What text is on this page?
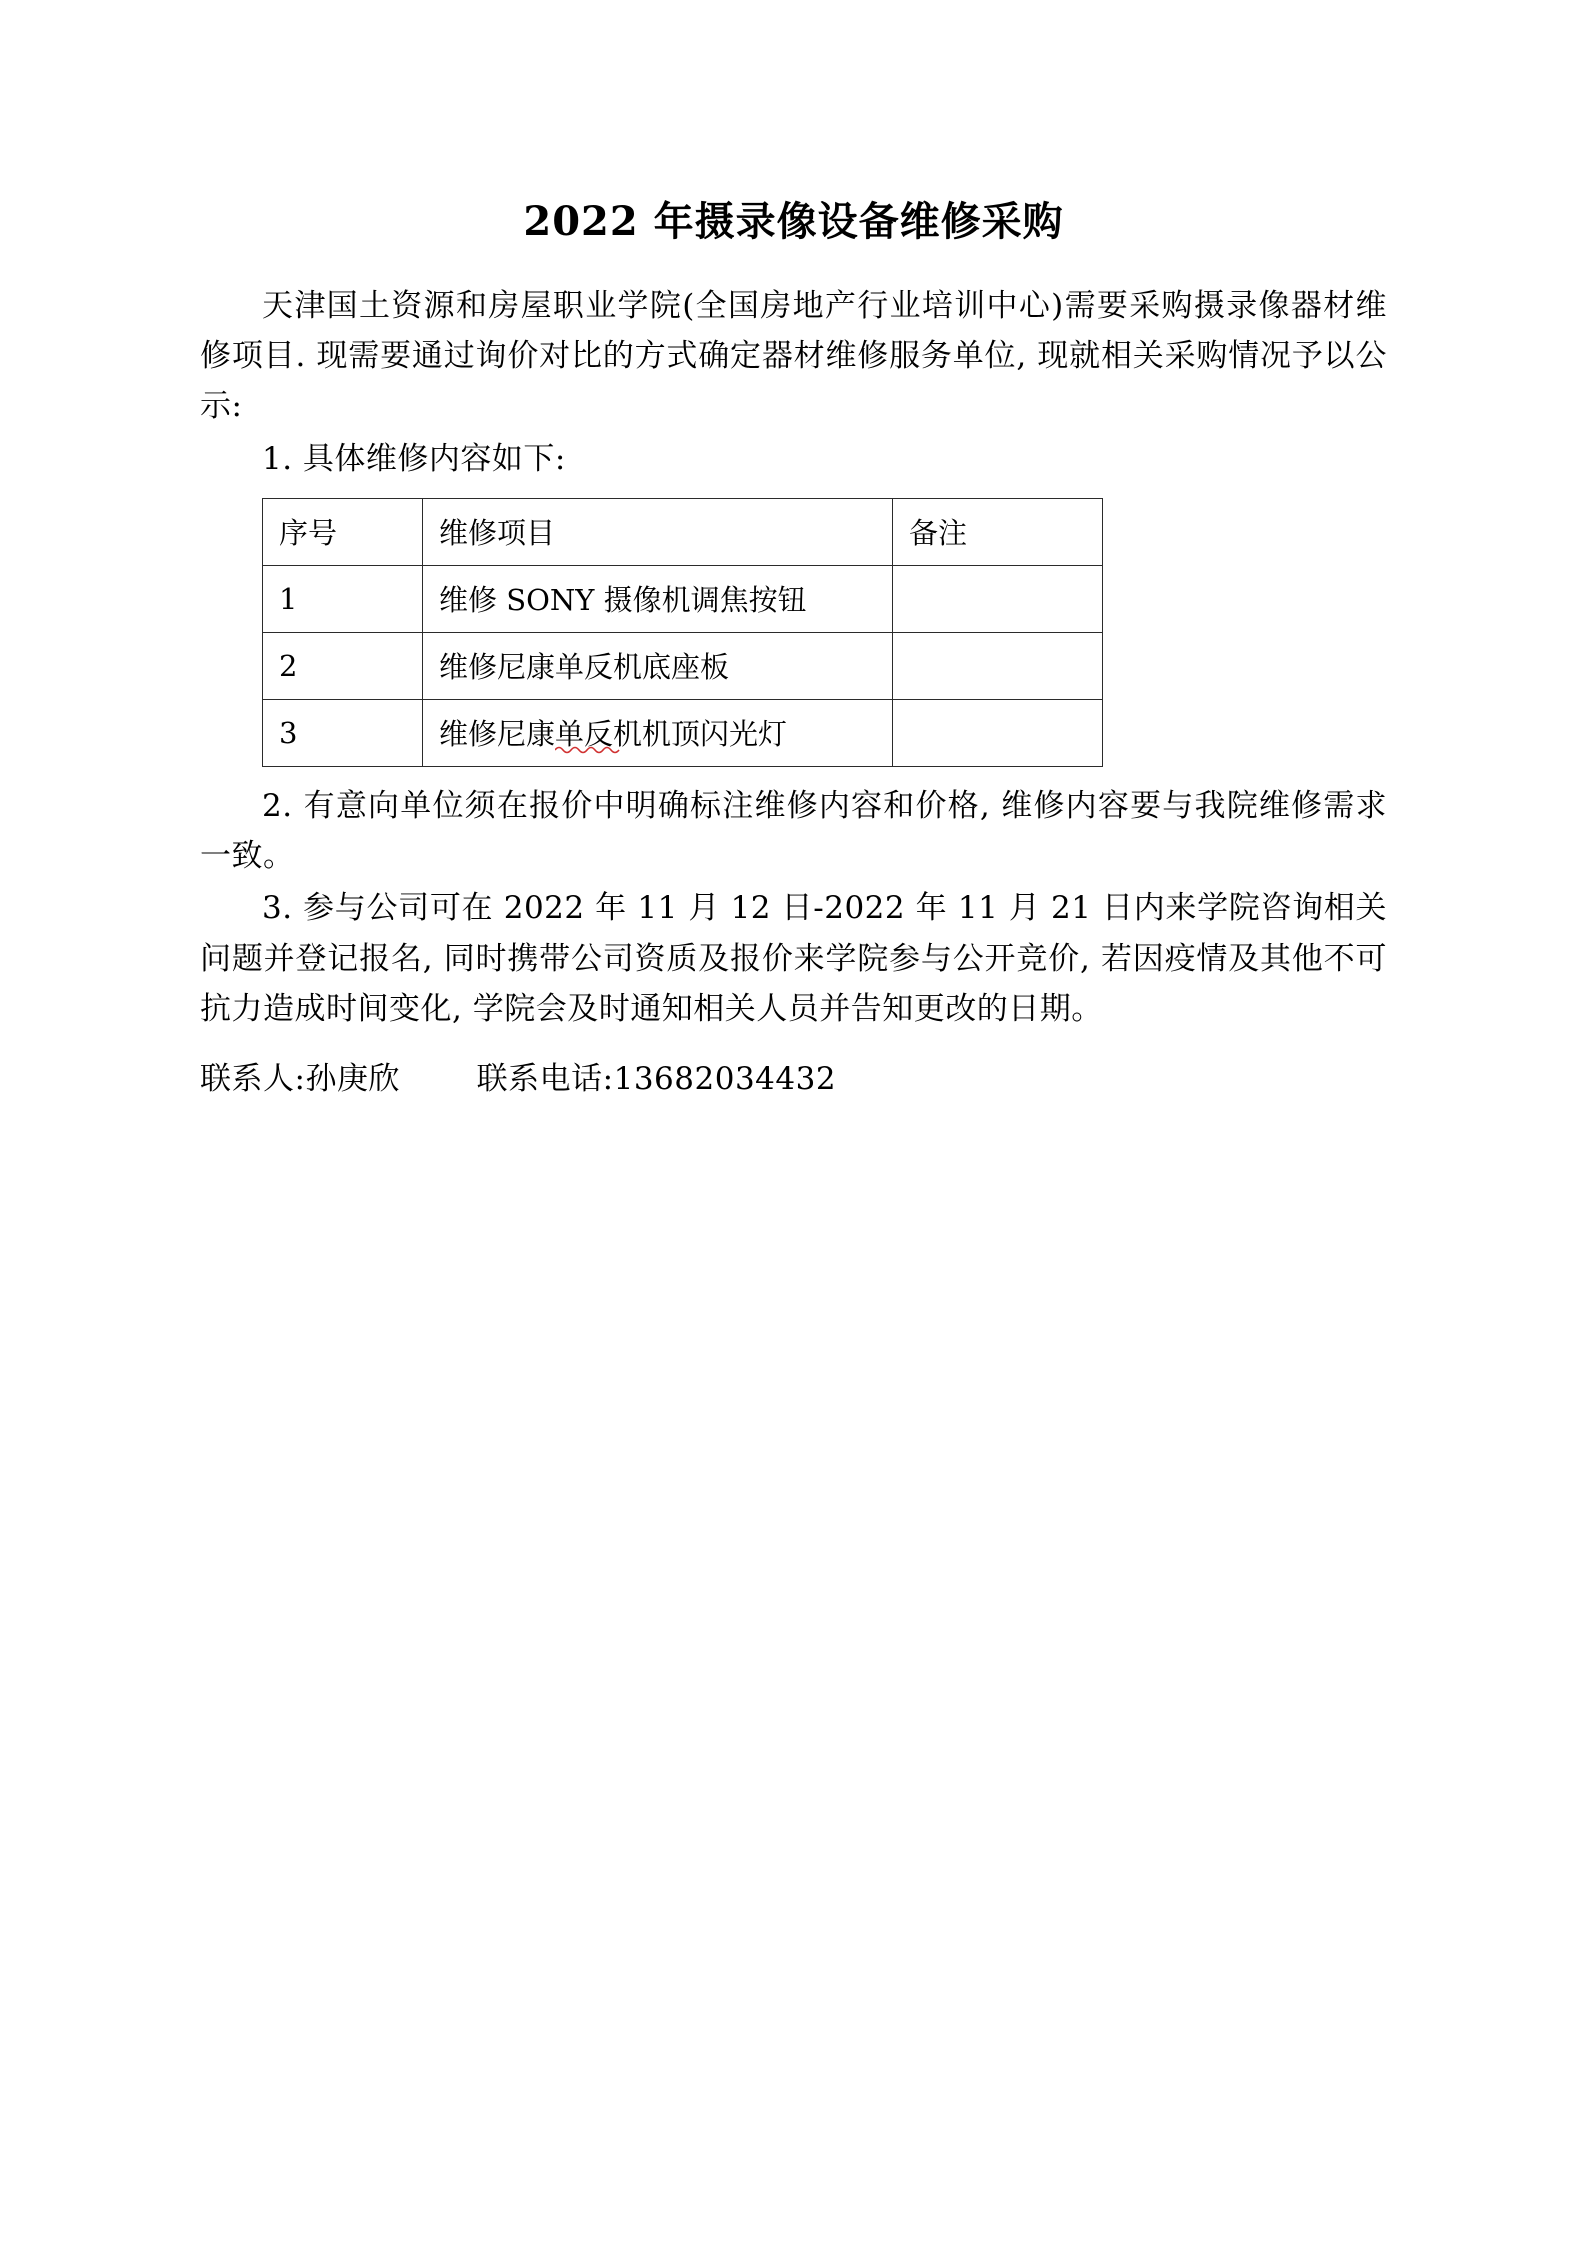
2022 年摄录像设备维修采购

天津国土资源和房屋职业学院(全国房地产行业培训中心)需要采购摄录像器材维修项目. 现需要通过询价对比的方式确定器材维修服务单位, 现就相关采购情况予以公示:

1. 具体维修内容如下:

序号	维修项目	备注
1	维修 SONY 摄像机调焦按钮	
2	维修尼康单反机底座板	
3	维修尼康单反机机顶闪光灯	

2. 有意向单位须在报价中明确标注维修内容和价格, 维修内容要与我院维修需求一致。

3. 参与公司可在 2022 年 11 月 12 日-2022 年 11 月 21 日内来学院咨询相关问题并登记报名, 同时携带公司资质及报价来学院参与公开竞价, 若因疫情及其他不可抗力造成时间变化, 学院会及时通知相关人员并告知更改的日期。

联系人:孙庚欣 联系电话:13682034432
